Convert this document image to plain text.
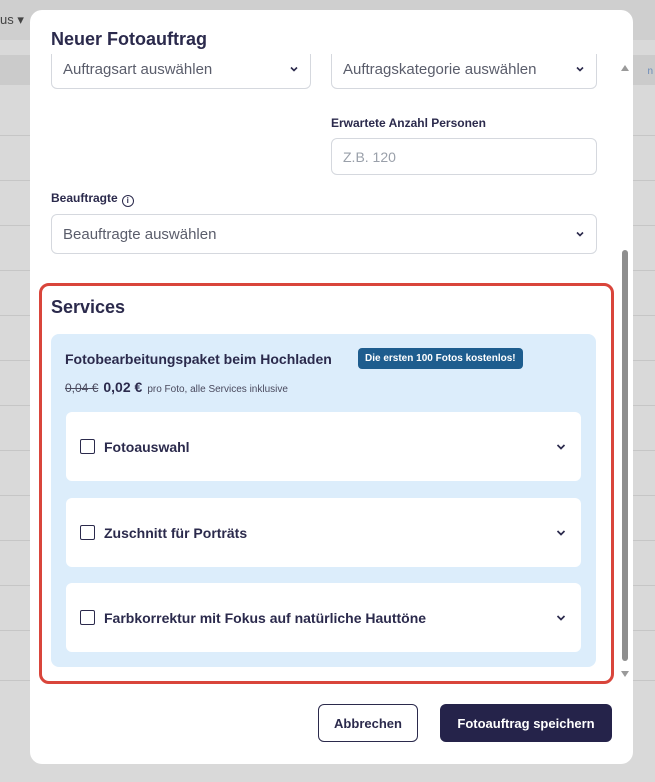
us ▾
n
Neuer Fotoauftrag
Auftragsart auswählen	Auftragskategorie auswählen
Erwartete Anzahl Personen
Z.B. 120
Beauftragte i
Beauftragte auswählen
Services
Fotobearbeitungspaket beim Hochladen	Die ersten 100 Fotos kostenlos!
0,04 € 0,02 € pro Foto, alle Services inklusive
Fotoauswahl
Zuschnitt für Porträts
Farbkorrektur mit Fokus auf natürliche Hauttöne
Abbrechen	Fotoauftrag speichern
